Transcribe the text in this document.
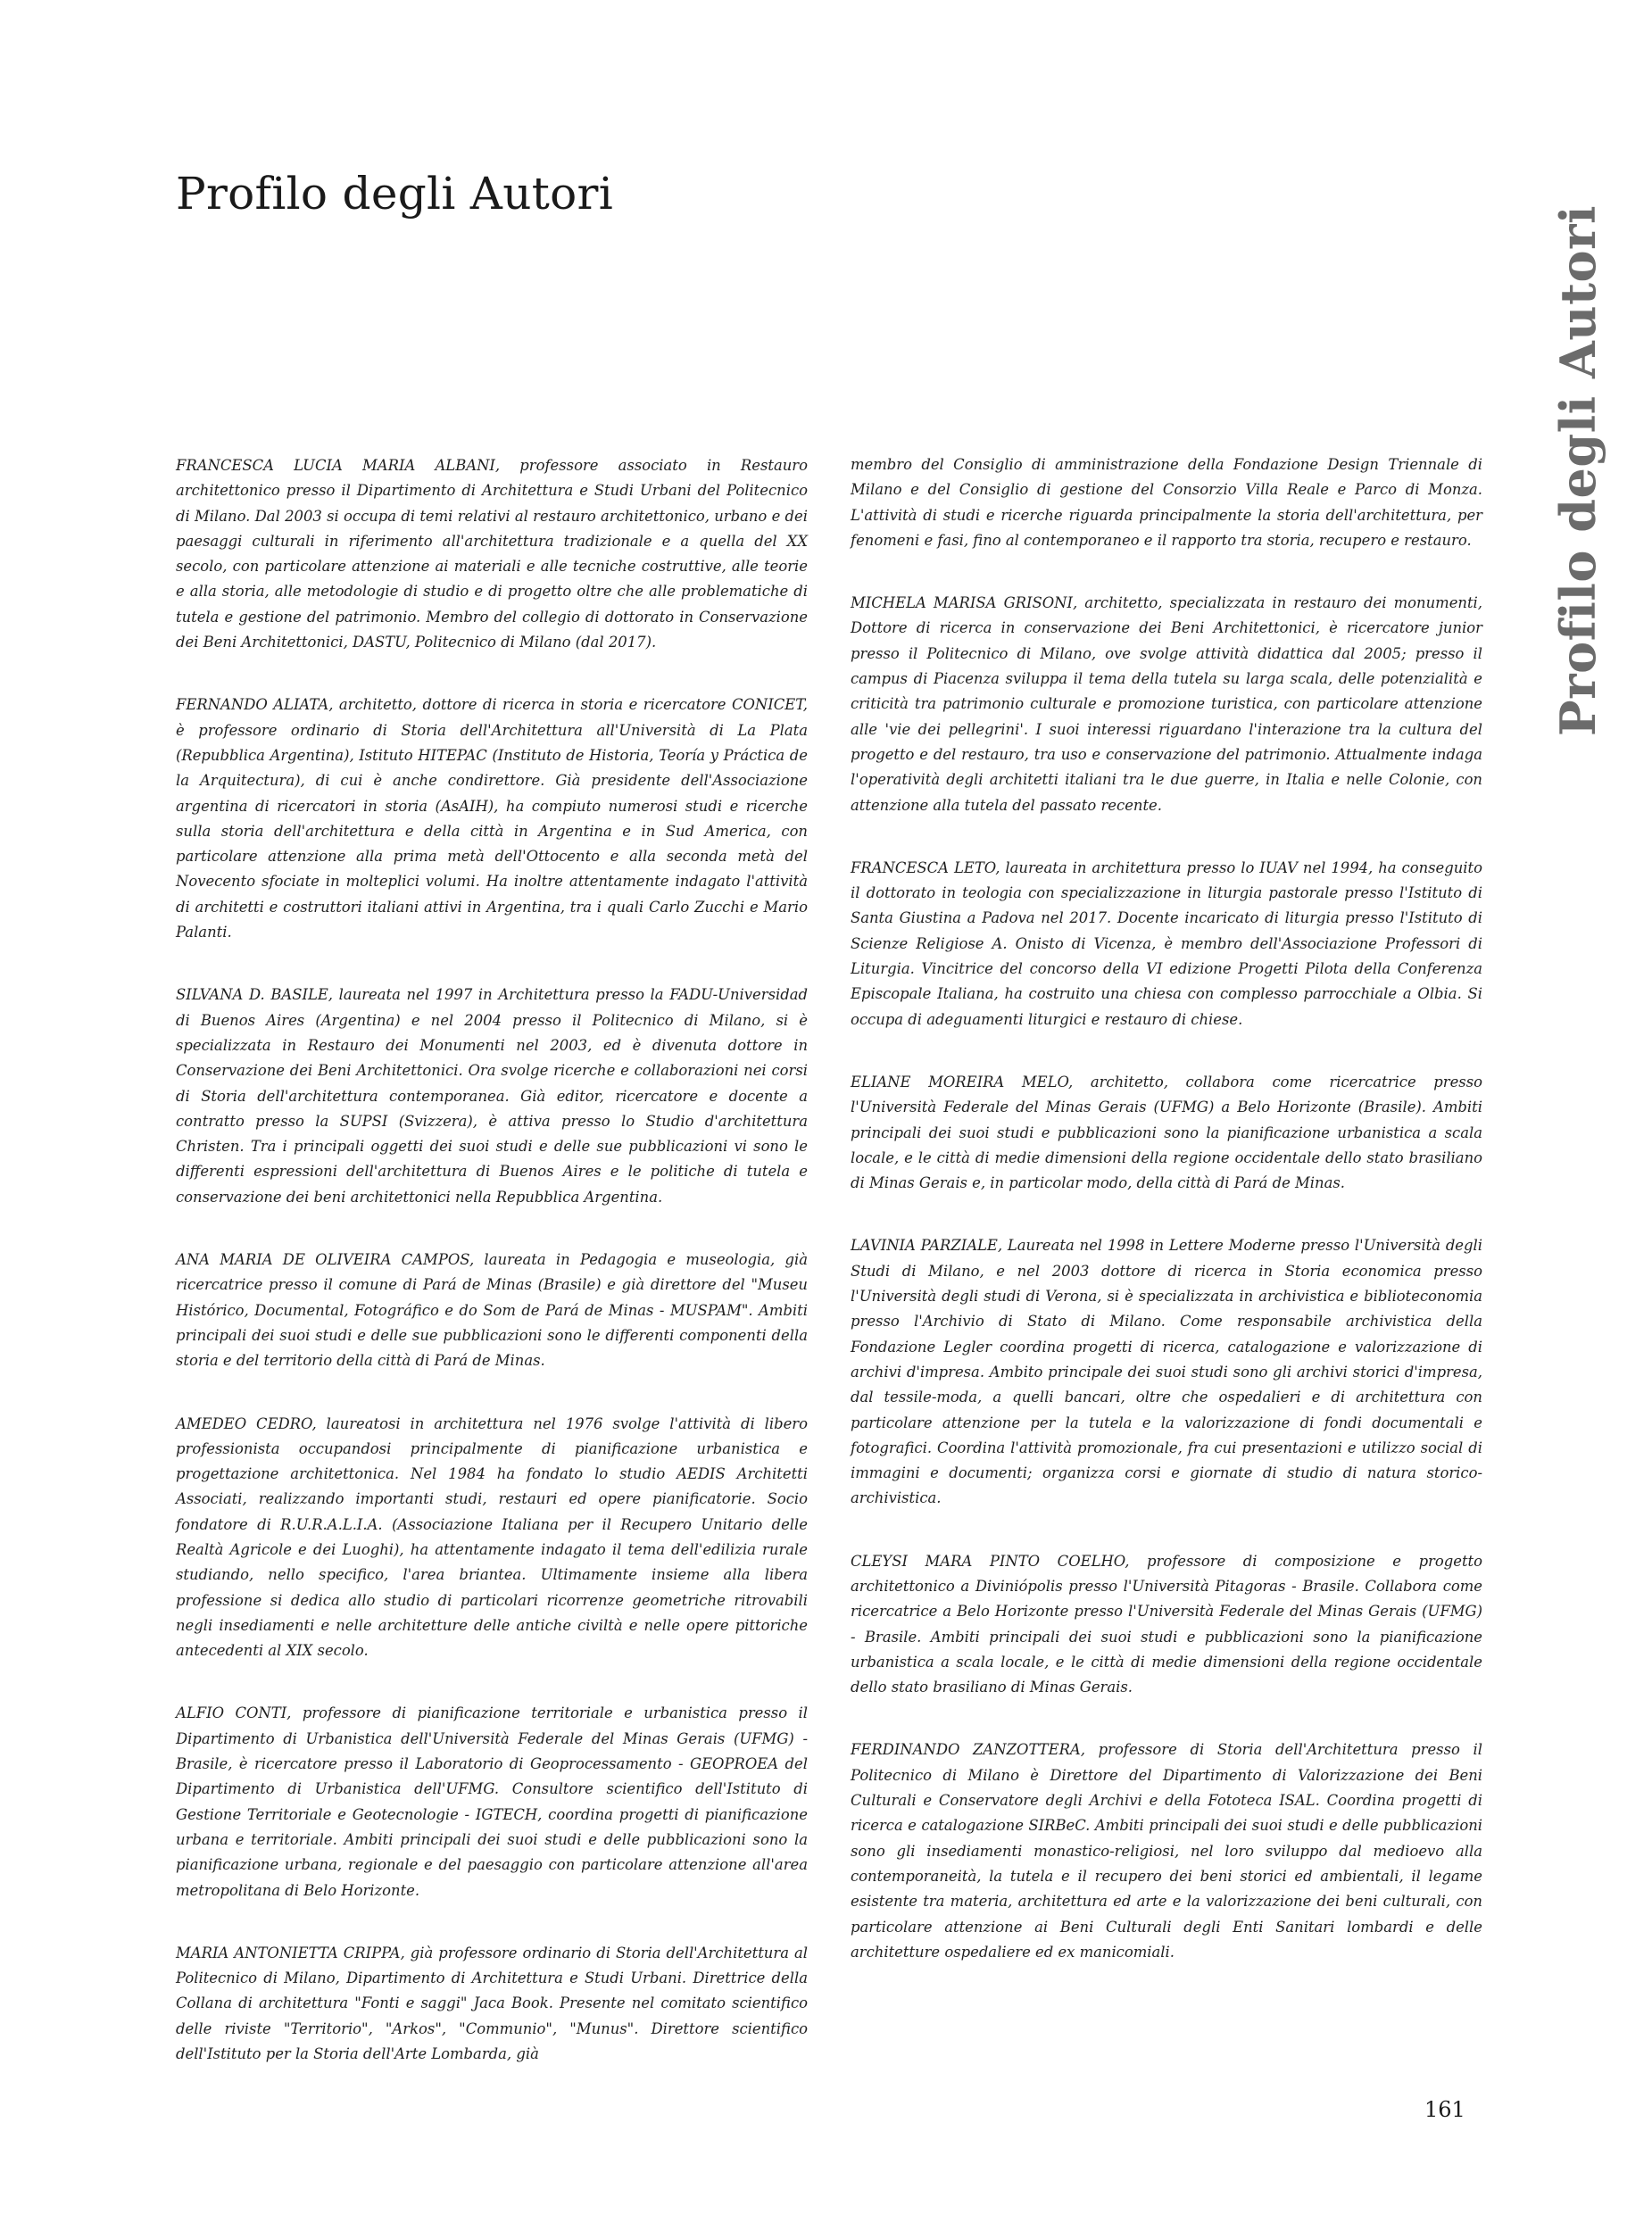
Profilo degli Autori
Profilo degli Autori

FRANCESCA LUCIA MARIA ALBANI, professore associato in Restauro architettonico presso il Dipartimento di Architettura e Studi Urbani del Politecnico di Milano. Dal 2003 si occupa di temi relativi al restauro architettonico, urbano e dei paesaggi culturali in riferimento all'architettura tradizionale e a quella del XX secolo, con particolare attenzione ai materiali e alle tecniche costruttive, alle teorie e alla storia, alle metodologie di studio e di progetto oltre che alle problematiche di tutela e gestione del patrimonio. Membro del collegio di dottorato in Conservazione dei Beni Architettonici, DASTU, Politecnico di Milano (dal 2017).

FERNANDO ALIATA, architetto, dottore di ricerca in storia e ricercatore CONICET, è professore ordinario di Storia dell'Architettura all'Università di La Plata (Repubblica Argentina), Istituto HITEPAC (Instituto de Historia, Teoría y Práctica de la Arquitectura), di cui è anche condirettore. Già presidente dell'Associazione argentina di ricercatori in storia (AsAIH), ha compiuto numerosi studi e ricerche sulla storia dell'architettura e della città in Argentina e in Sud America, con particolare attenzione alla prima metà dell'Ottocento e alla seconda metà del Novecento sfociate in molteplici volumi. Ha inoltre attentamente indagato l'attività di architetti e costruttori italiani attivi in Argentina, tra i quali Carlo Zucchi e Mario Palanti.

SILVANA D. BASILE, laureata nel 1997 in Architettura presso la FADU-Universidad di Buenos Aires (Argentina) e nel 2004 presso il Politecnico di Milano, si è specializzata in Restauro dei Monumenti nel 2003, ed è divenuta dottore in Conservazione dei Beni Architettonici. Ora svolge ricerche e collaborazioni nei corsi di Storia dell'architettura contemporanea. Già editor, ricercatore e docente a contratto presso la SUPSI (Svizzera), è attiva presso lo Studio d'architettura Christen. Tra i principali oggetti dei suoi studi e delle sue pubblicazioni vi sono le differenti espressioni dell'architettura di Buenos Aires e le politiche di tutela e conservazione dei beni architettonici nella Repubblica Argentina.

ANA MARIA DE OLIVEIRA CAMPOS, laureata in Pedagogia e museologia, già ricercatrice presso il comune di Pará de Minas (Brasile) e già direttore del "Museu Histórico, Documental, Fotográfico e do Som de Pará de Minas - MUSPAM". Ambiti principali dei suoi studi e delle sue pubblicazioni sono le differenti componenti della storia e del territorio della città di Pará de Minas.

AMEDEO CEDRO, laureatosi in architettura nel 1976 svolge l'attività di libero professionista occupandosi principalmente di pianificazione urbanistica e progettazione architettonica. Nel 1984 ha fondato lo studio AEDIS Architetti Associati, realizzando importanti studi, restauri ed opere pianificatorie. Socio fondatore di R.U.R.A.L.I.A. (Associazione Italiana per il Recupero Unitario delle Realtà Agricole e dei Luoghi), ha attentamente indagato il tema dell'edilizia rurale studiando, nello specifico, l'area briantea. Ultimamente insieme alla libera professione si dedica allo studio di particolari ricorrenze geometriche ritrovabili negli insediamenti e nelle architetture delle antiche civiltà e nelle opere pittoriche antecedenti al XIX secolo.

ALFIO CONTI, professore di pianificazione territoriale e urbanistica presso il Dipartimento di Urbanistica dell'Università Federale del Minas Gerais (UFMG) - Brasile, è ricercatore presso il Laboratorio di Geoprocessamento - GEOPROEA del Dipartimento di Urbanistica dell'UFMG. Consultore scientifico dell'Istituto di Gestione Territoriale e Geotecnologie - IGTECH, coordina progetti di pianificazione urbana e territoriale. Ambiti principali dei suoi studi e delle pubblicazioni sono la pianificazione urbana, regionale e del paesaggio con particolare attenzione all'area metropolitana di Belo Horizonte.

MARIA ANTONIETTA CRIPPA, già professore ordinario di Storia dell'Architettura al Politecnico di Milano, Dipartimento di Architettura e Studi Urbani. Direttrice della Collana di architettura "Fonti e saggi" Jaca Book. Presente nel comitato scientifico delle riviste "Territorio", "Arkos", "Communio", "Munus". Direttore scientifico dell'Istituto per la Storia dell'Arte Lombarda, già

membro del Consiglio di amministrazione della Fondazione Design Triennale di Milano e del Consiglio di gestione del Consorzio Villa Reale e Parco di Monza. L'attività di studi e ricerche riguarda principalmente la storia dell'architettura, per fenomeni e fasi, fino al contemporaneo e il rapporto tra storia, recupero e restauro.

MICHELA MARISA GRISONI, architetto, specializzata in restauro dei monumenti, Dottore di ricerca in conservazione dei Beni Architettonici, è ricercatore junior presso il Politecnico di Milano, ove svolge attività didattica dal 2005; presso il campus di Piacenza sviluppa il tema della tutela su larga scala, delle potenzialità e criticità tra patrimonio culturale e promozione turistica, con particolare attenzione alle 'vie dei pellegrini'. I suoi interessi riguardano l'interazione tra la cultura del progetto e del restauro, tra uso e conservazione del patrimonio. Attualmente indaga l'operatività degli architetti italiani tra le due guerre, in Italia e nelle Colonie, con attenzione alla tutela del passato recente.

FRANCESCA LETO, laureata in architettura presso lo IUAV nel 1994, ha conseguito il dottorato in teologia con specializzazione in liturgia pastorale presso l'Istituto di Santa Giustina a Padova nel 2017. Docente incaricato di liturgia presso l'Istituto di Scienze Religiose A. Onisto di Vicenza, è membro dell'Associazione Professori di Liturgia. Vincitrice del concorso della VI edizione Progetti Pilota della Conferenza Episcopale Italiana, ha costruito una chiesa con complesso parrocchiale a Olbia. Si occupa di adeguamenti liturgici e restauro di chiese.

ELIANE MOREIRA MELO, architetto, collabora come ricercatrice presso l'Università Federale del Minas Gerais (UFMG) a Belo Horizonte (Brasile). Ambiti principali dei suoi studi e pubblicazioni sono la pianificazione urbanistica a scala locale, e le città di medie dimensioni della regione occidentale dello stato brasiliano di Minas Gerais e, in particolar modo, della città di Pará de Minas.

LAVINIA PARZIALE, Laureata nel 1998 in Lettere Moderne presso l'Università degli Studi di Milano, e nel 2003 dottore di ricerca in Storia economica presso l'Università degli studi di Verona, si è specializzata in archivistica e biblioteconomia presso l'Archivio di Stato di Milano. Come responsabile archivistica della Fondazione Legler coordina progetti di ricerca, catalogazione e valorizzazione di archivi d'impresa. Ambito principale dei suoi studi sono gli archivi storici d'impresa, dal tessile-moda, a quelli bancari, oltre che ospedalieri e di architettura con particolare attenzione per la tutela e la valorizzazione di fondi documentali e fotografici. Coordina l'attività promozionale, fra cui presentazioni e utilizzo social di immagini e documenti; organizza corsi e giornate di studio di natura storico-archivistica.

CLEYSI MARA PINTO COELHO, professore di composizione e progetto architettonico a Diviniópolis presso l'Università Pitagoras - Brasile. Collabora come ricercatrice a Belo Horizonte presso l'Università Federale del Minas Gerais (UFMG) - Brasile. Ambiti principali dei suoi studi e pubblicazioni sono la pianificazione urbanistica a scala locale, e le città di medie dimensioni della regione occidentale dello stato brasiliano di Minas Gerais.

FERDINANDO ZANZOTTERA, professore di Storia dell'Architettura presso il Politecnico di Milano è Direttore del Dipartimento di Valorizzazione dei Beni Culturali e Conservatore degli Archivi e della Fototeca ISAL. Coordina progetti di ricerca e catalogazione SIRBeC. Ambiti principali dei suoi studi e delle pubblicazioni sono gli insediamenti monastico-religiosi, nel loro sviluppo dal medioevo alla contemporaneità, la tutela e il recupero dei beni storici ed ambientali, il legame esistente tra materia, architettura ed arte e la valorizzazione dei beni culturali, con particolare attenzione ai Beni Culturali degli Enti Sanitari lombardi e delle architetture ospedaliere ed ex manicomiali.

161
